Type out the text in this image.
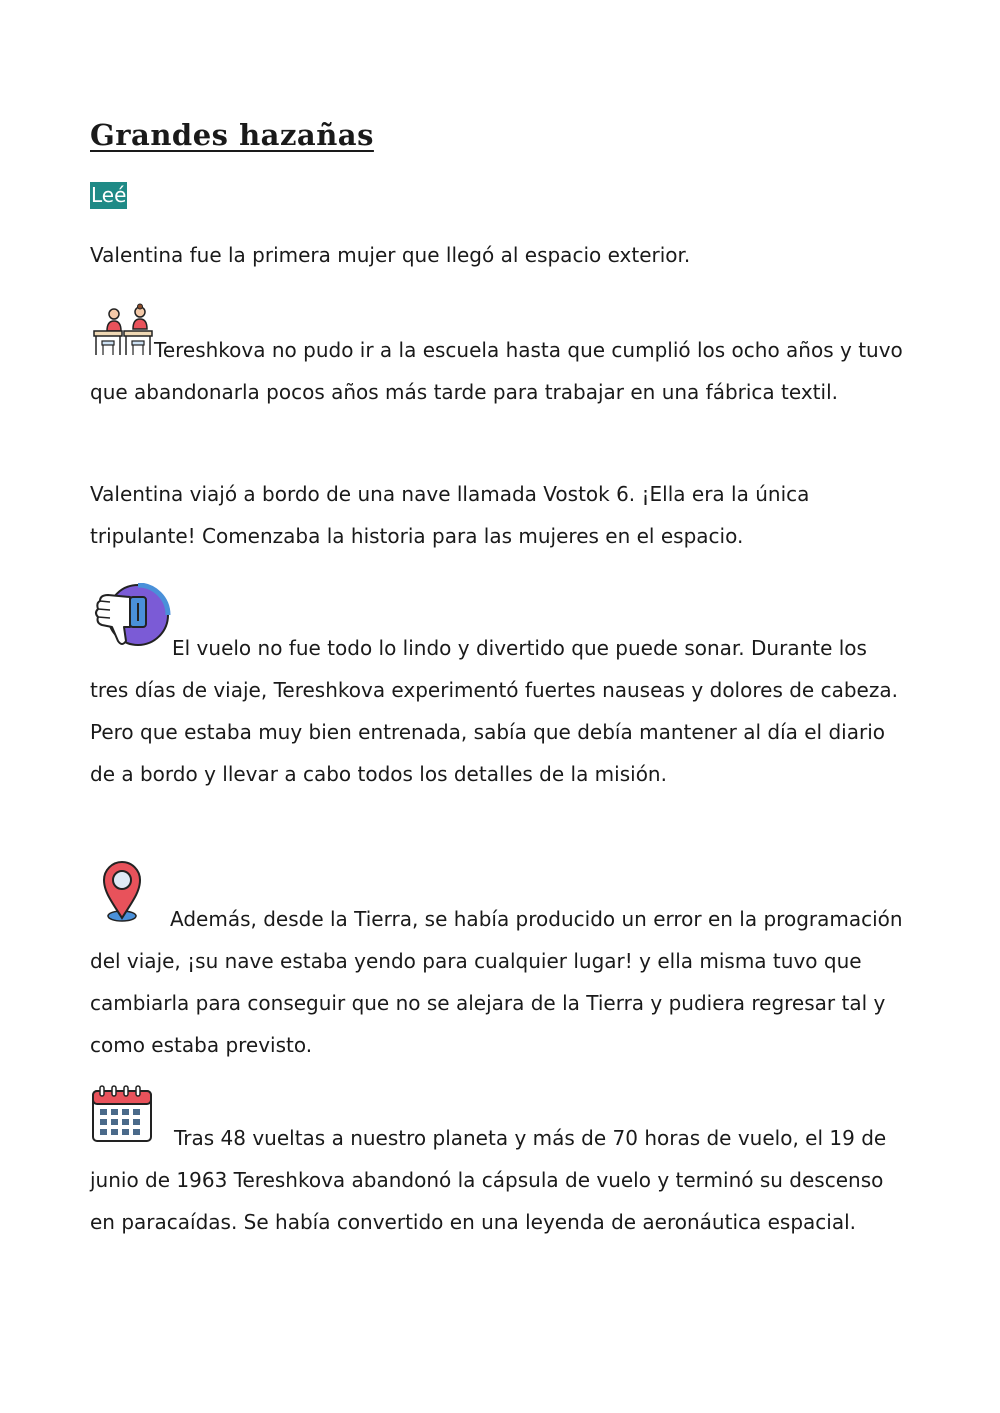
Grandes hazañas
Leé

Valentina fue la primera mujer que llegó al espacio exterior.

Tereshkova no pudo ir a la escuela hasta que cumplió los ocho años y tuvo que abandonarla pocos años más tarde para trabajar en una fábrica textil.

Valentina viajó a bordo de una nave llamada Vostok 6. ¡Ella era la única tripulante! Comenzaba la historia para las mujeres en el espacio.

El vuelo no fue todo lo lindo y divertido que puede sonar. Durante los tres días de viaje, Tereshkova experimentó fuertes nauseas y dolores de cabeza. Pero que estaba muy bien entrenada, sabía que debía mantener al día el diario de a bordo y llevar a cabo todos los detalles de la misión.

Además, desde la Tierra, se había producido un error en la programación del viaje, ¡su nave estaba yendo para cualquier lugar! y ella misma tuvo que cambiarla para conseguir que no se alejara de la Tierra y pudiera regresar tal y como estaba previsto.

Tras 48 vueltas a nuestro planeta y más de 70 horas de vuelo, el 19 de junio de 1963 Tereshkova abandonó la cápsula de vuelo y terminó su descenso en paracaídas. Se había convertido en una leyenda de aeronáutica espacial.
